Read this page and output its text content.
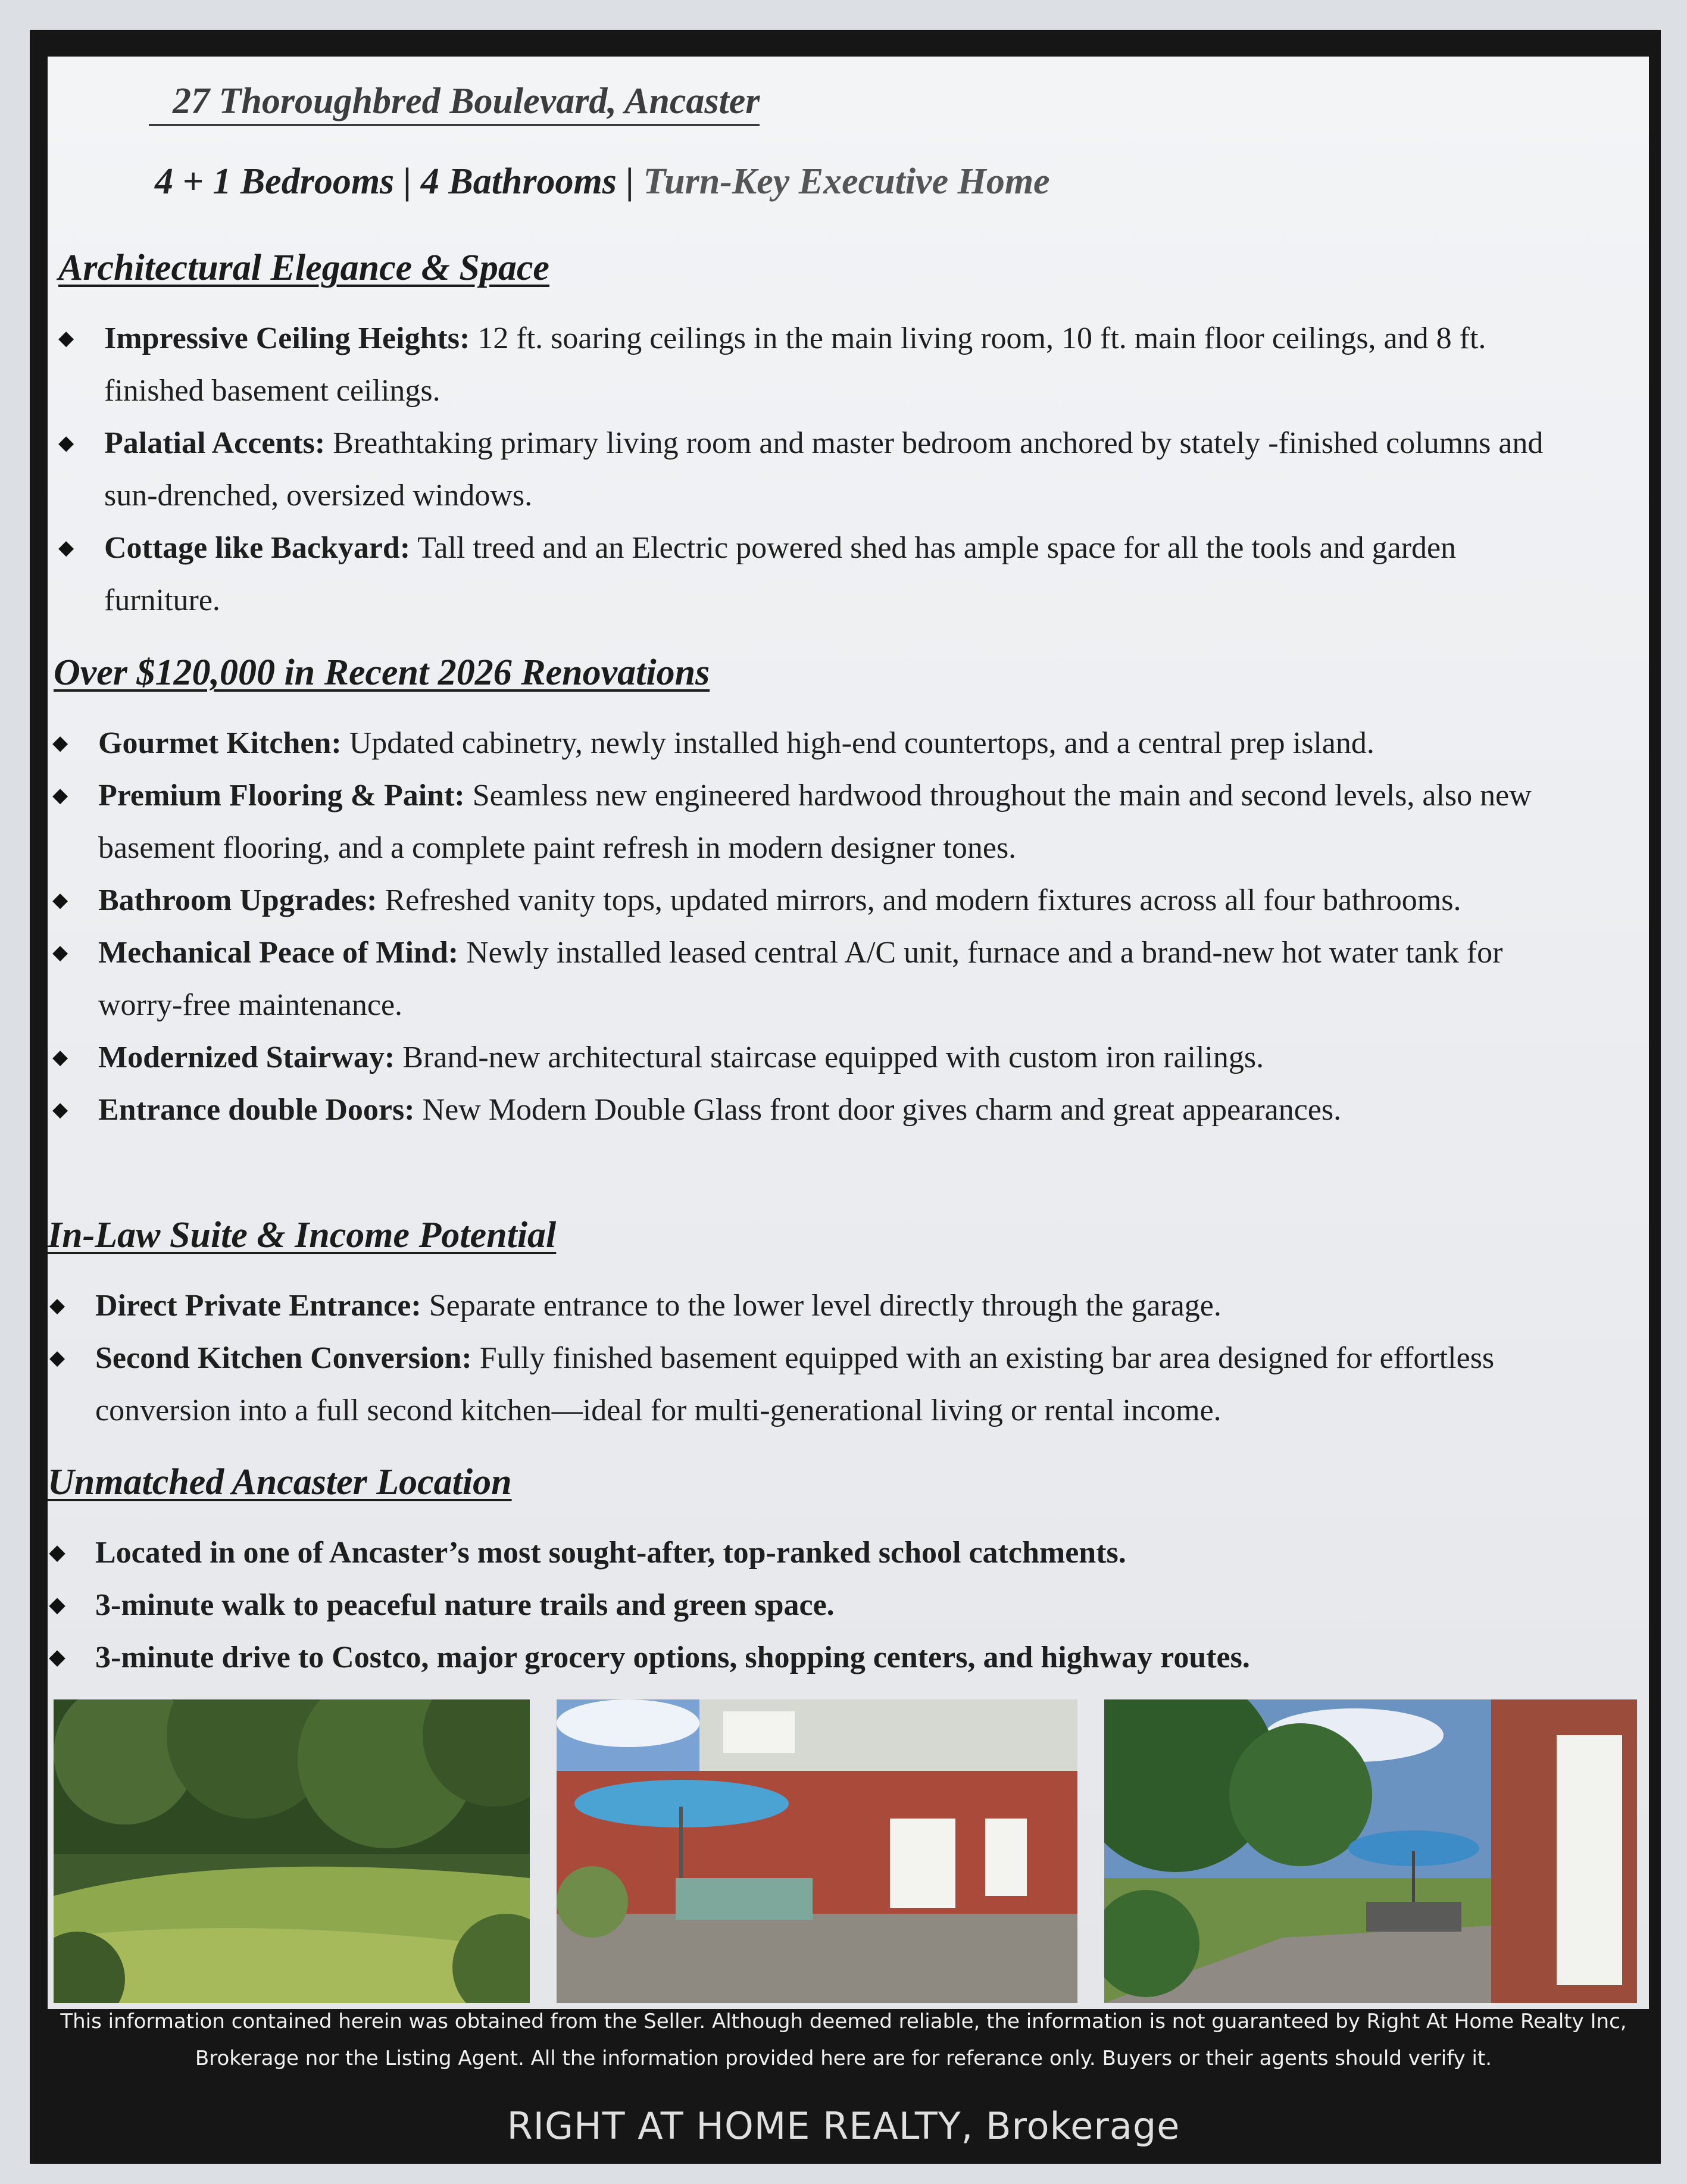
27 Thoroughbred Boulevard, Ancaster
4 + 1 Bedrooms | 4 Bathrooms | Turn-Key Executive Home
Architectural Elegance & Space
◆ Impressive Ceiling Heights: 12 ft. soaring ceilings in the main living room, 10 ft. main floor ceilings, and 8 ft. finished basement ceilings.
◆ Palatial Accents: Breathtaking primary living room and master bedroom anchored by stately -finished columns and sun-drenched, oversized windows.
◆ Cottage like Backyard: Tall treed and an Electric powered shed has ample space for all the tools and garden furniture.
Over $120,000 in Recent 2026 Renovations
◆ Gourmet Kitchen: Updated cabinetry, newly installed high-end countertops, and a central prep island.
◆ Premium Flooring & Paint: Seamless new engineered hardwood throughout the main and second levels, also new basement flooring, and a complete paint refresh in modern designer tones.
◆ Bathroom Upgrades: Refreshed vanity tops, updated mirrors, and modern fixtures across all four bathrooms.
◆ Mechanical Peace of Mind: Newly installed leased central A/C unit, furnace and a brand-new hot water tank for worry-free maintenance.
◆ Modernized Stairway: Brand-new architectural staircase equipped with custom iron railings.
◆ Entrance double Doors: New Modern Double Glass front door gives charm and great appearances.
In-Law Suite & Income Potential
◆ Direct Private Entrance: Separate entrance to the lower level directly through the garage.
◆ Second Kitchen Conversion: Fully finished basement equipped with an existing bar area designed for effortless conversion into a full second kitchen—ideal for multi-generational living or rental income.
Unmatched Ancaster Location
◆ Located in one of Ancaster’s most sought-after, top-ranked school catchments.
◆ 3-minute walk to peaceful nature trails and green space.
◆ 3-minute drive to Costco, major grocery options, shopping centers, and highway routes.
This information contained herein was obtained from the Seller. Although deemed reliable, the information is not guaranteed by Right At Home Realty Inc,
Brokerage nor the Listing Agent. All the information provided here are for referance only. Buyers or their agents should verify it.
RIGHT AT HOME REALTY, Brokerage
